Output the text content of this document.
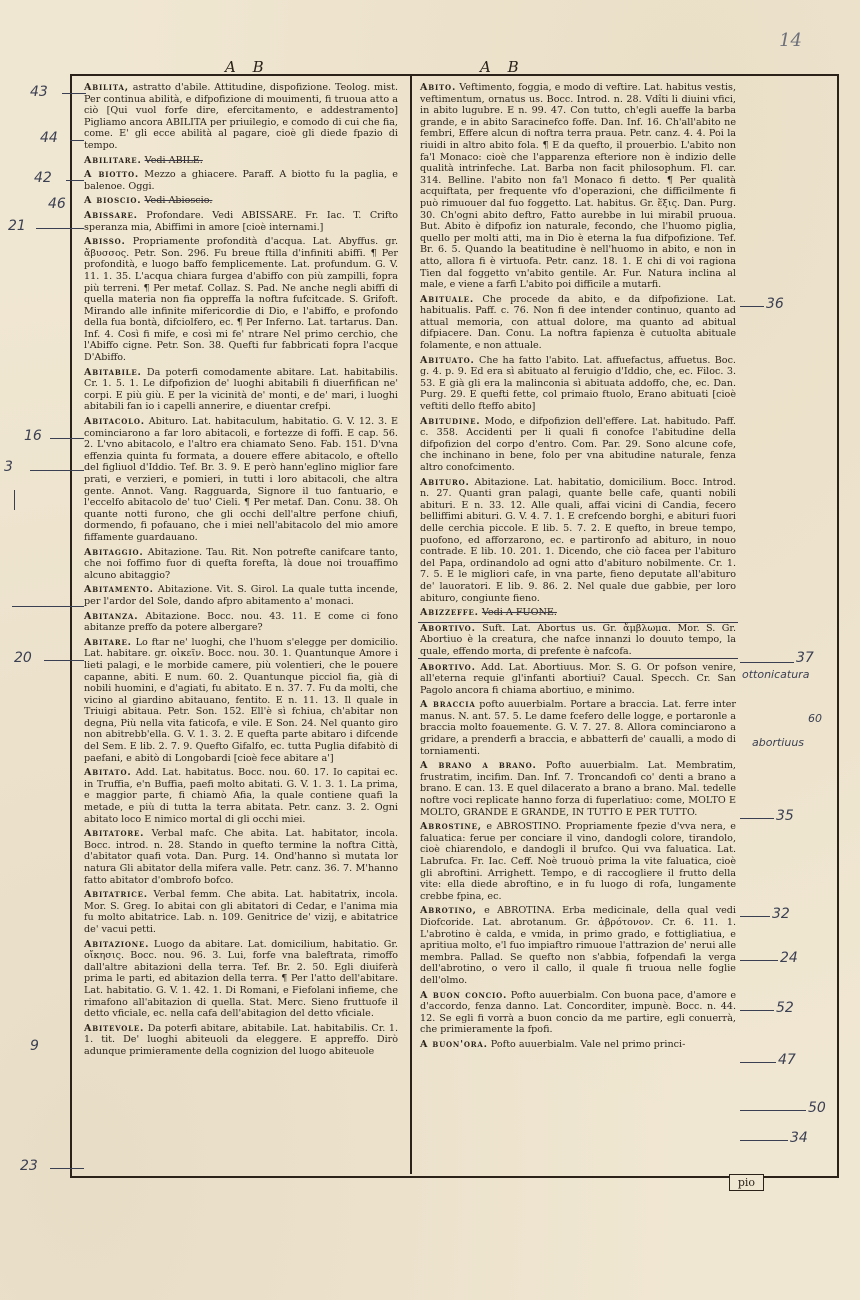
14
A B	A B

Abilita, astratto d'abile. Attitudine, dispofizione. Teolog. mist. Per continua abilità, e difpofizione di mouimenti, fi truoua atto a ciò [Qui vuol forfe dire, efercitamento, e addestramento] Pigliamo ancora ABILITA per priuilegio, e comodo di cui che fia, come. E' gli ecce abilità al pagare, cioè gli diede fpazio di tempo.

Abilitare. Vedi ABILE.

A biotto. Mezzo a ghiacere. Paraff. A biotto fu la paglia, e balenoe. Oggi.

A bioscio. Vedi Abioscio.

Abissare. Profondare. Vedi ABISSARE. Fr. Iac. T. Crifto speranza mia, Abiffimi in amore [cioè internami.]

Abisso. Propriamente profondità d'acqua. Lat. Abyffus. gr. ἄβυσσος. Petr. Son. 296. Fu breue ftilla d'infiniti abiffi. ¶ Per profondità, e luogo baffo femplicemente. Lat. profundum. G. V. 11. 1. 35. L'acqua chiara furgea d'abiffo con più zampilli, fopra più terreni. ¶ Per metaf. Collaz. S. Pad. Ne anche negli abiffi di quella materia non fia oppreffa la noftra fufcitcade. S. Grifoft. Mirando alle infinite mifericordie di Dio, e l'abiffo, e profondo della fua bontà, difciolfero, ec. ¶ Per Inferno. Lat. tartarus. Dan. Inf. 4. Così fi mife, e così mi fe' ntrare Nel primo cerchio, che l'Abiffo cigne. Petr. Son. 38. Quefti fur fabbricati fopra l'acque D'Abiffo.

Abitabile. Da poterfi comodamente abitare. Lat. habitabilis. Cr. 1. 5. 1. Le difpofizion de' luoghi abitabili fi diuerfifican ne' corpi. E più giù. E per la vicinità de' monti, e de' mari, i luoghi abitabili fan io i capelli annerire, e diuentar crefpi.

Abitacolo. Abituro. Lat. habitaculum, habitatio. G. V. 12. 3. E cominciarono a far loro abitacoli, e fortezze di foffi. E cap. 56. 2. L'vno abitacolo, e l'altro era chiamato Seno. Fab. 151. D'vna effenzia quinta fu formata, a douere effere abitacolo, e oftello del figliuol d'Iddio. Tef. Br. 3. 9. E però hann'eglino miglior fare prati, e verzieri, e pomieri, in tutti i loro abitacoli, che altra gente. Annot. Vang. Ragguarda, Signore il tuo fantuario, e l'eccelfo abitacolo de' tuo' Cieli. ¶ Per metaf. Dan. Conu. 38. Oh quante notti furono, che gli occhi dell'altre perfone chiufi, dormendo, fi pofauano, che i miei nell'abitacolo del mio amore fiffamente guardauano.

Abitaggio. Abitazione. Tau. Rit. Non potrefte canifcare tanto, che noi foffimo fuor di quefta forefta, là doue noi trouaffimo alcuno abitaggio?

Abitamento. Abitazione. Vit. S. Girol. La quale tutta incende, per l'ardor del Sole, dando afpro abitamento a' monaci.

Abitanza. Abitazione. Bocc. nou. 43. 11. E come ci fono abitanze preffo da potere albergare?

Abitare. Lo ftar ne' luoghi, che l'huom s'elegge per domicilio. Lat. habitare. gr. οἰκεῖν. Bocc. nou. 30. 1. Quantunque Amore i lieti palagi, e le morbide camere, più volentieri, che le pouere capanne, abiti. E num. 60. 2. Quantunque picciol fia, già di nobili huomini, e d'agiati, fu abitato. E n. 37. 7. Fu da molti, che vicino al giardino abitauano, fentito. E n. 11. 13. Il quale in Triuigi abitaua. Petr. Son. 152. Ell'è sì fchiua, ch'abitar non degna, Più nella vita faticofa, e vile. E Son. 24. Nel quanto giro non abitrebb'ella. G. V. 1. 3. 2. E quefta parte abitaro i difcende del Sem. E lib. 2. 7. 9. Quefto Gifalfo, ec. tutta Puglia difabitò di paefani, e abitò di Longobardi [cioè fece abitare a']

Abitato. Add. Lat. habitatus. Bocc. nou. 60. 17. Io capitai ec. in Truffia, e'n Buffia, paefi molto abitati. G. V. 1. 3. 1. La prima, e maggior parte, fi chiamò Afia, la quale contiene quafi la metade, e più di tutta la terra abitata. Petr. canz. 3. 2. Ogni abitato loco E nimico mortal di gli occhi miei.

Abitatore. Verbal mafc. Che abita. Lat. habitator, incola. Bocc. introd. n. 28. Stando in quefto termine la noftra Città, d'abitator quafi vota. Dan. Purg. 14. Ond'hanno sì mutata lor natura Gli abitator della mifera valle. Petr. canz. 36. 7. M'hanno fatto abitator d'ombrofo bofco.

Abitatrice. Verbal femm. Che abita. Lat. habitatrix, incola. Mor. S. Greg. Io abitai con gli abitatori di Cedar, e l'anima mia fu molto abitatrice. Lab. n. 109. Genitrice de' vizij, e abitatrice de' vacui petti.

Abitazione. Luogo da abitare. Lat. domicilium, habitatio. Gr. οἴκησις. Bocc. nou. 96. 3. Lui, forfe vna baleftrata, rimoffo dall'altre abitazioni della terra. Tef. Br. 2. 50. Egli diuiferà prima le parti, ed abitazion della terra. ¶ Per l'atto dell'abitare. Lat. habitatio. G. V. 1. 42. 1. Di Romani, e Fiefolani infieme, che rimafono all'abitazion di quella. Stat. Merc. Sieno fruttuofe il detto vficiale, ec. nella cafa dell'abitagion del detto vficiale.

Abitevole. Da poterfi abitare, abitabile. Lat. habitabilis. Cr. 1. 1. tit. De' luoghi abiteuoli da eleggere. E appreffo. Dirò adunque primieramente della cognizion del luogo abiteuole

Abito. Veftimento, foggia, e modo di veftire. Lat. habitus vestis, veftimentum, ornatus us. Bocc. Introd. n. 28. Vdîti li diuini vfici, in abito lugubre. E n. 99. 47. Con tutto, ch'egli aueffe la barba grande, e in abito Saracinefco foffe. Dan. Inf. 16. Ch'all'abito ne fembri, Effere alcun di noftra terra praua. Petr. canz. 4. 4. Poi la riuidi in altro abito fola. ¶ E da quefto, il prouerbio. L'abito non fa'l Monaco: cioè che l'apparenza efteriore non è indizio delle qualità intrinfeche. Lat. Barba non facit philosophum. Fl. car. 314. Belline. l'abito non fa'l Monaco fi detto. ¶ Per qualità acquiftata, per frequente vfo d'operazioni, che difficilmente fi può rimuouer dal fuo foggetto. Lat. habitus. Gr. ἕξις. Dan. Purg. 30. Ch'ogni abito deftro, Fatto aurebbe in lui mirabil pruoua. But. Abito è difpofiz ion naturale, fecondo, che l'huomo piglia, quello per molti atti, ma in Dio è eterna la fua difpofizione. Tef. Br. 6. 5. Quando la beatitudine è nell'huomo in abito, e non in atto, allora fi è virtuofa. Petr. canz. 18. 1. E chi di voi ragiona Tien dal foggetto vn'abito gentile. Ar. Fur. Natura inclina al male, e viene a farfi L'abito poi difficile a mutarfi.

Abituale. Che procede da abito, e da difpofizione. Lat. habitualis. Paff. c. 76. Non fi dee intender continuo, quanto ad attual memoria, con attual dolore, ma quanto ad abitual difpiacere. Dan. Conu. La noftra fapienza è cutuolta abituale folamente, e non attuale.

Abituato. Che ha fatto l'abito. Lat. affuefactus, affuetus. Boc. g. 4. p. 9. Ed era sì abituato al feruigio d'Iddio, che, ec. Filoc. 3. 53. E già gli era la malinconia sì abituata addoffo, che, ec. Dan. Purg. 29. E quefti fette, col primaio ftuolo, Erano abituati [cioè veftiti dello fteffo abito]

Abitudine. Modo, e difpofizion dell'effere. Lat. habitudo. Paff. c. 358. Accidenti per li quali fi conofce l'abitudine della difpofizion del corpo d'entro. Com. Par. 29. Sono alcune cofe, che inchinano in bene, folo per vna abitudine naturale, fenza altro conofcimento.

Abituro. Abitazione. Lat. habitatio, domicilium. Bocc. Introd. n. 27. Quanti gran palagi, quante belle cafe, quanti nobili abituri. E n. 33. 12. Alle quali, affai vicini di Candia, fecero belliffimi abituri. G. V. 4. 7. 1. E crefcendo borghi, e abituri fuori delle cerchia piccole. E lib. 5. 7. 2. E quefto, in breue tempo, puofono, ed afforzarono, ec. e partironfo ad abituro, in nouo contrade. E lib. 10. 201. 1. Dicendo, che ciò facea per l'abituro del Papa, ordinandolo ad ogni atto d'abituro nobilmente. Cr. 1. 7. 5. E le migliori cafe, in vna parte, fieno deputate all'abituro de' lauoratori. E lib. 9. 86. 2. Nel quale due gabbie, per loro abituro, congiunte fieno.

Abizzeffe. Vedi A FUONE.

Abortivo. Suft. Lat. Abortus us. Gr. ἄμβλωμα. Mor. S. Gr. Abortiuo è la creatura, che nafce innanzi lo douuto tempo, la quale, effendo morta, di prefente è nafcofa.

Abortivo. Add. Lat. Abortiuus. Mor. S. G. Or pofson venire, all'eterna requie gl'infanti abortiui? Caual. Specch. Cr. San Pagolo ancora fi chiama abortiuo, e minimo.

A braccia pofto auuerbialm. Portare a braccia. Lat. ferre inter manus. N. ant. 57. 5. Le dame fcefero delle logge, e portaronle a braccia molto foauemente. G. V. 7. 27. 8. Allora cominciarono a gridare, a prenderfi a braccia, e abbatterfi de' caualli, a modo di torniamenti.

A brano a brano. Pofto auuerbialm. Lat. Membratim, frustratim, incifim. Dan. Inf. 7. Troncandofi co' denti a brano a brano. E can. 13. E quel dilacerato a brano a brano. Mal. tedelle noftre voci replicate hanno forza di fuperlatiuo: come, MOLTO E MOLTO, GRANDE E GRANDE, IN TUTTO E PER TUTTO.

Abrostine, e ABROSTINO. Propriamente fpezie d'vva nera, e faluatica: ferue per conciare il vino, dandogli colore, tirandolo, cioè chiarendolo, e dandogli il brufco. Qui vva faluatica. Lat. Labrufca. Fr. Iac. Ceff. Noè truouò prima la vite faluatica, cioè gli abroftini. Arrighett. Tempo, e di raccogliere il frutto della vite: ella diede abroftino, e in fu luogo di rofa, lungamente crebbe fpina, ec.

Abrotino, e ABROTINA. Erba medicinale, della qual vedi Diofcoride. Lat. abrotanum. Gr. ἀβρότονον. Cr. 6. 11. 1. L'abrotino è calda, e vmida, in primo grado, e fottigliatiua, e apritiua molto, e'l fuo impiaftro rimuoue l'attrazion de' nerui alle membra. Pallad. Se quefto non s'abbia, fofpendafi la verga dell'abrotino, o vero il callo, il quale fi truoua nelle foglie dell'olmo.

A buon concio. Pofto auuerbialm. Con buona pace, d'amore e d'accordo, fenza danno. Lat. Concorditer, impunè. Bocc. n. 44. 12. Se egli fi vorrà a buon concio da me partire, egli conuerrà, che primieramente la fpofi.

A buon'ora. Pofto auuerbialm. Vale nel primo princi-

pio
43
44
42
46
21
16
3
20
9
23
36
37
35
32
24
52
47
50
34
ottonicatura
abortiuus
60
